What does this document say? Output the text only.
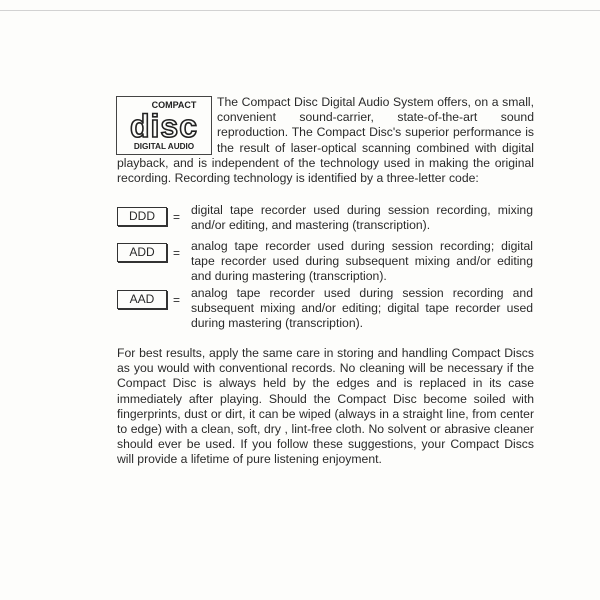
The Compact Disc Digital Audio System offers, on a small, convenient sound-carrier, state-of-the-art sound reproduction. The Compact Disc's superior performance is the result of laser-optical scanning combined with digital playback, and is independent of the technology used in making the original recording. Recording technology is identified by a three-letter code:

COMPACT
disc
DIGITAL AUDIO
DDD	= digital tape recorder used during session recording, mixing and/or editing, and mastering (transcription).

ADD	= analog tape recorder used during session recording; digital tape recorder used during subsequent mixing and/or editing and during mastering (transcription).

AAD	= analog tape recorder used during session recording and subsequent mixing and/or editing; digital tape recorder used during mastering (transcription).

For best results, apply the same care in storing and handling Compact Discs as you would with conventional records. No cleaning will be necessary if the Compact Disc is always held by the edges and is replaced in its case immediately after playing. Should the Compact Disc become soiled with fingerprints, dust or dirt, it can be wiped (always in a straight line, from center to edge) with a clean, soft, dry , lint-free cloth. No solvent or abrasive cleaner should ever be used. If you follow these suggestions, your Compact Discs will provide a lifetime of pure listening enjoyment.
